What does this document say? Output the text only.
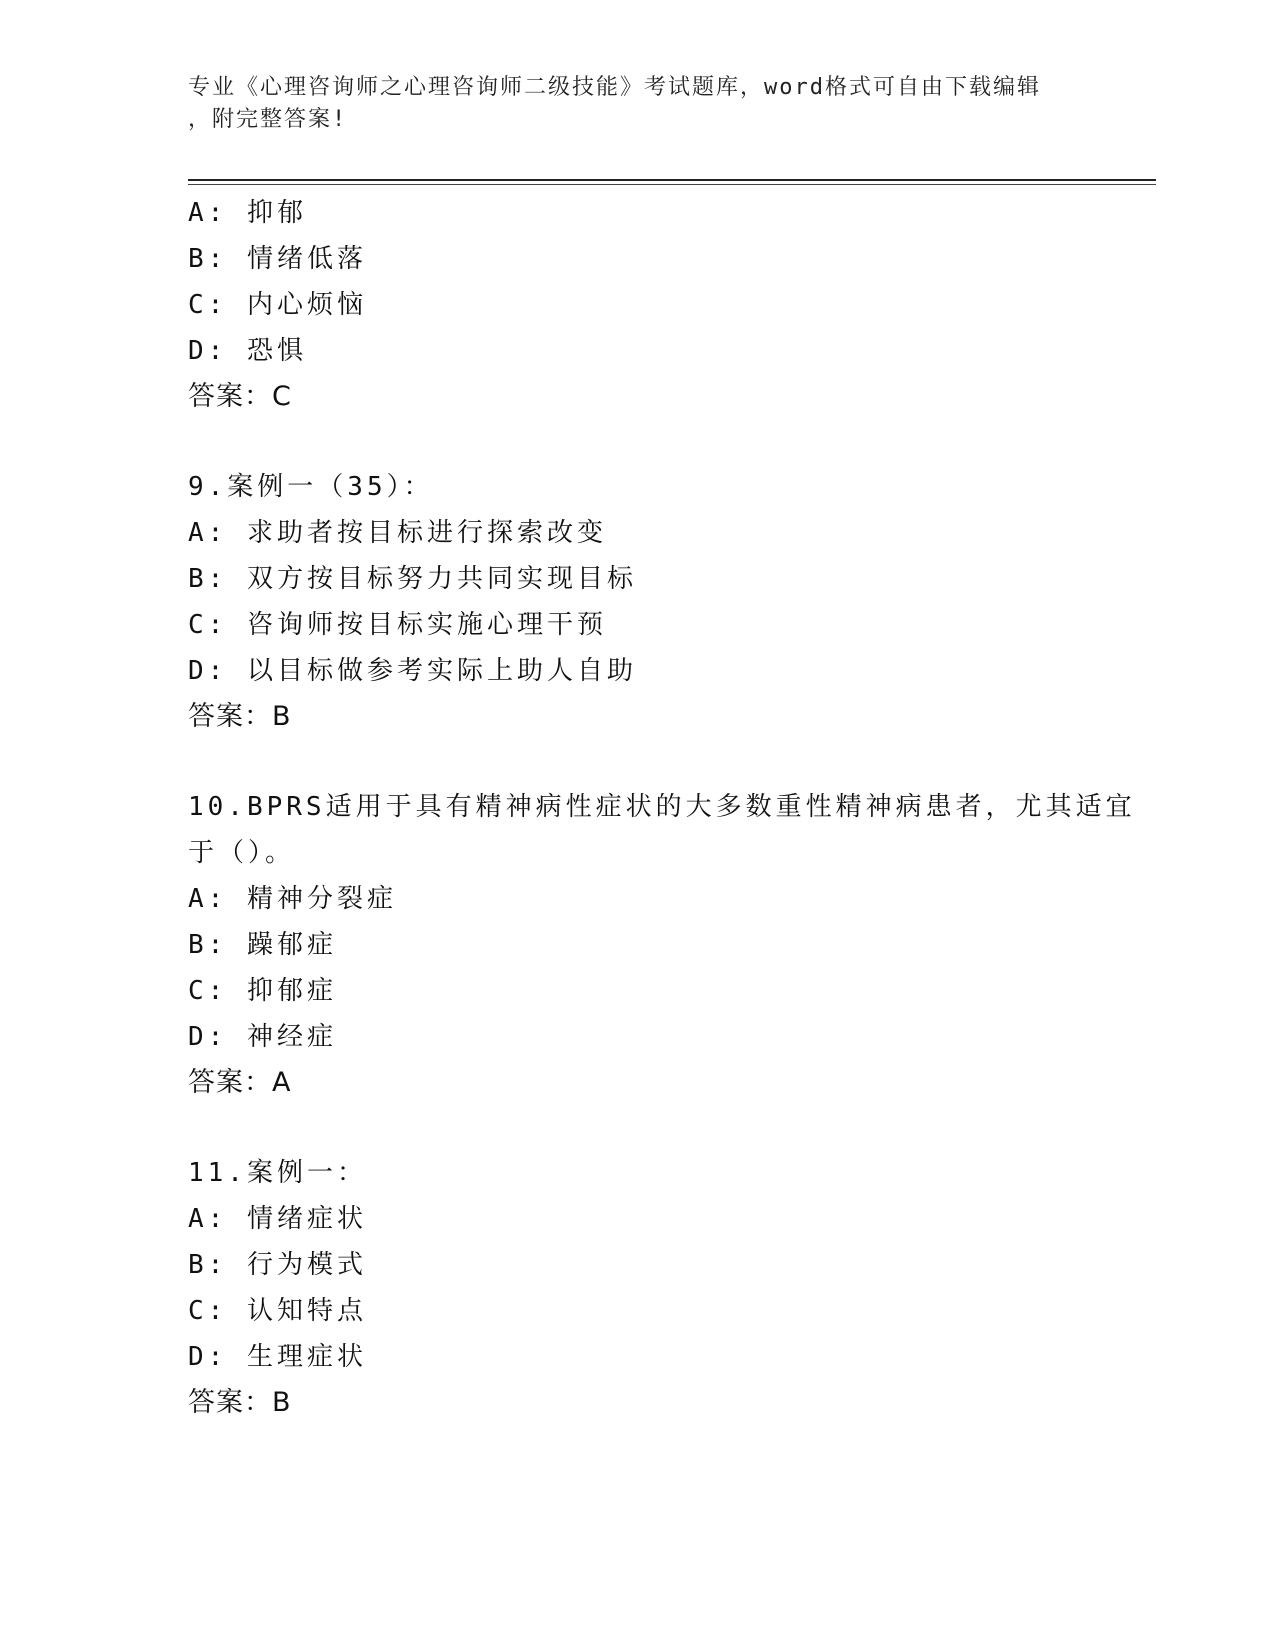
专业《心理咨询师之心理咨询师二级技能》考试题库，word格式可自由下载编辑
，附完整答案!
A: 抑郁
B: 情绪低落
C: 内心烦恼
D: 恐惧
答案：C
9.案例一（35）：
A: 求助者按目标进行探索改变
B: 双方按目标努力共同实现目标
C: 咨询师按目标实施心理干预
D: 以目标做参考实际上助人自助
答案：B
10.BPRS适用于具有精神病性症状的大多数重性精神病患者，尤其适宜
于（）。
A: 精神分裂症
B: 躁郁症
C: 抑郁症
D: 神经症
答案：A
11.案例一：
A: 情绪症状
B: 行为模式
C: 认知特点
D: 生理症状
答案：B
